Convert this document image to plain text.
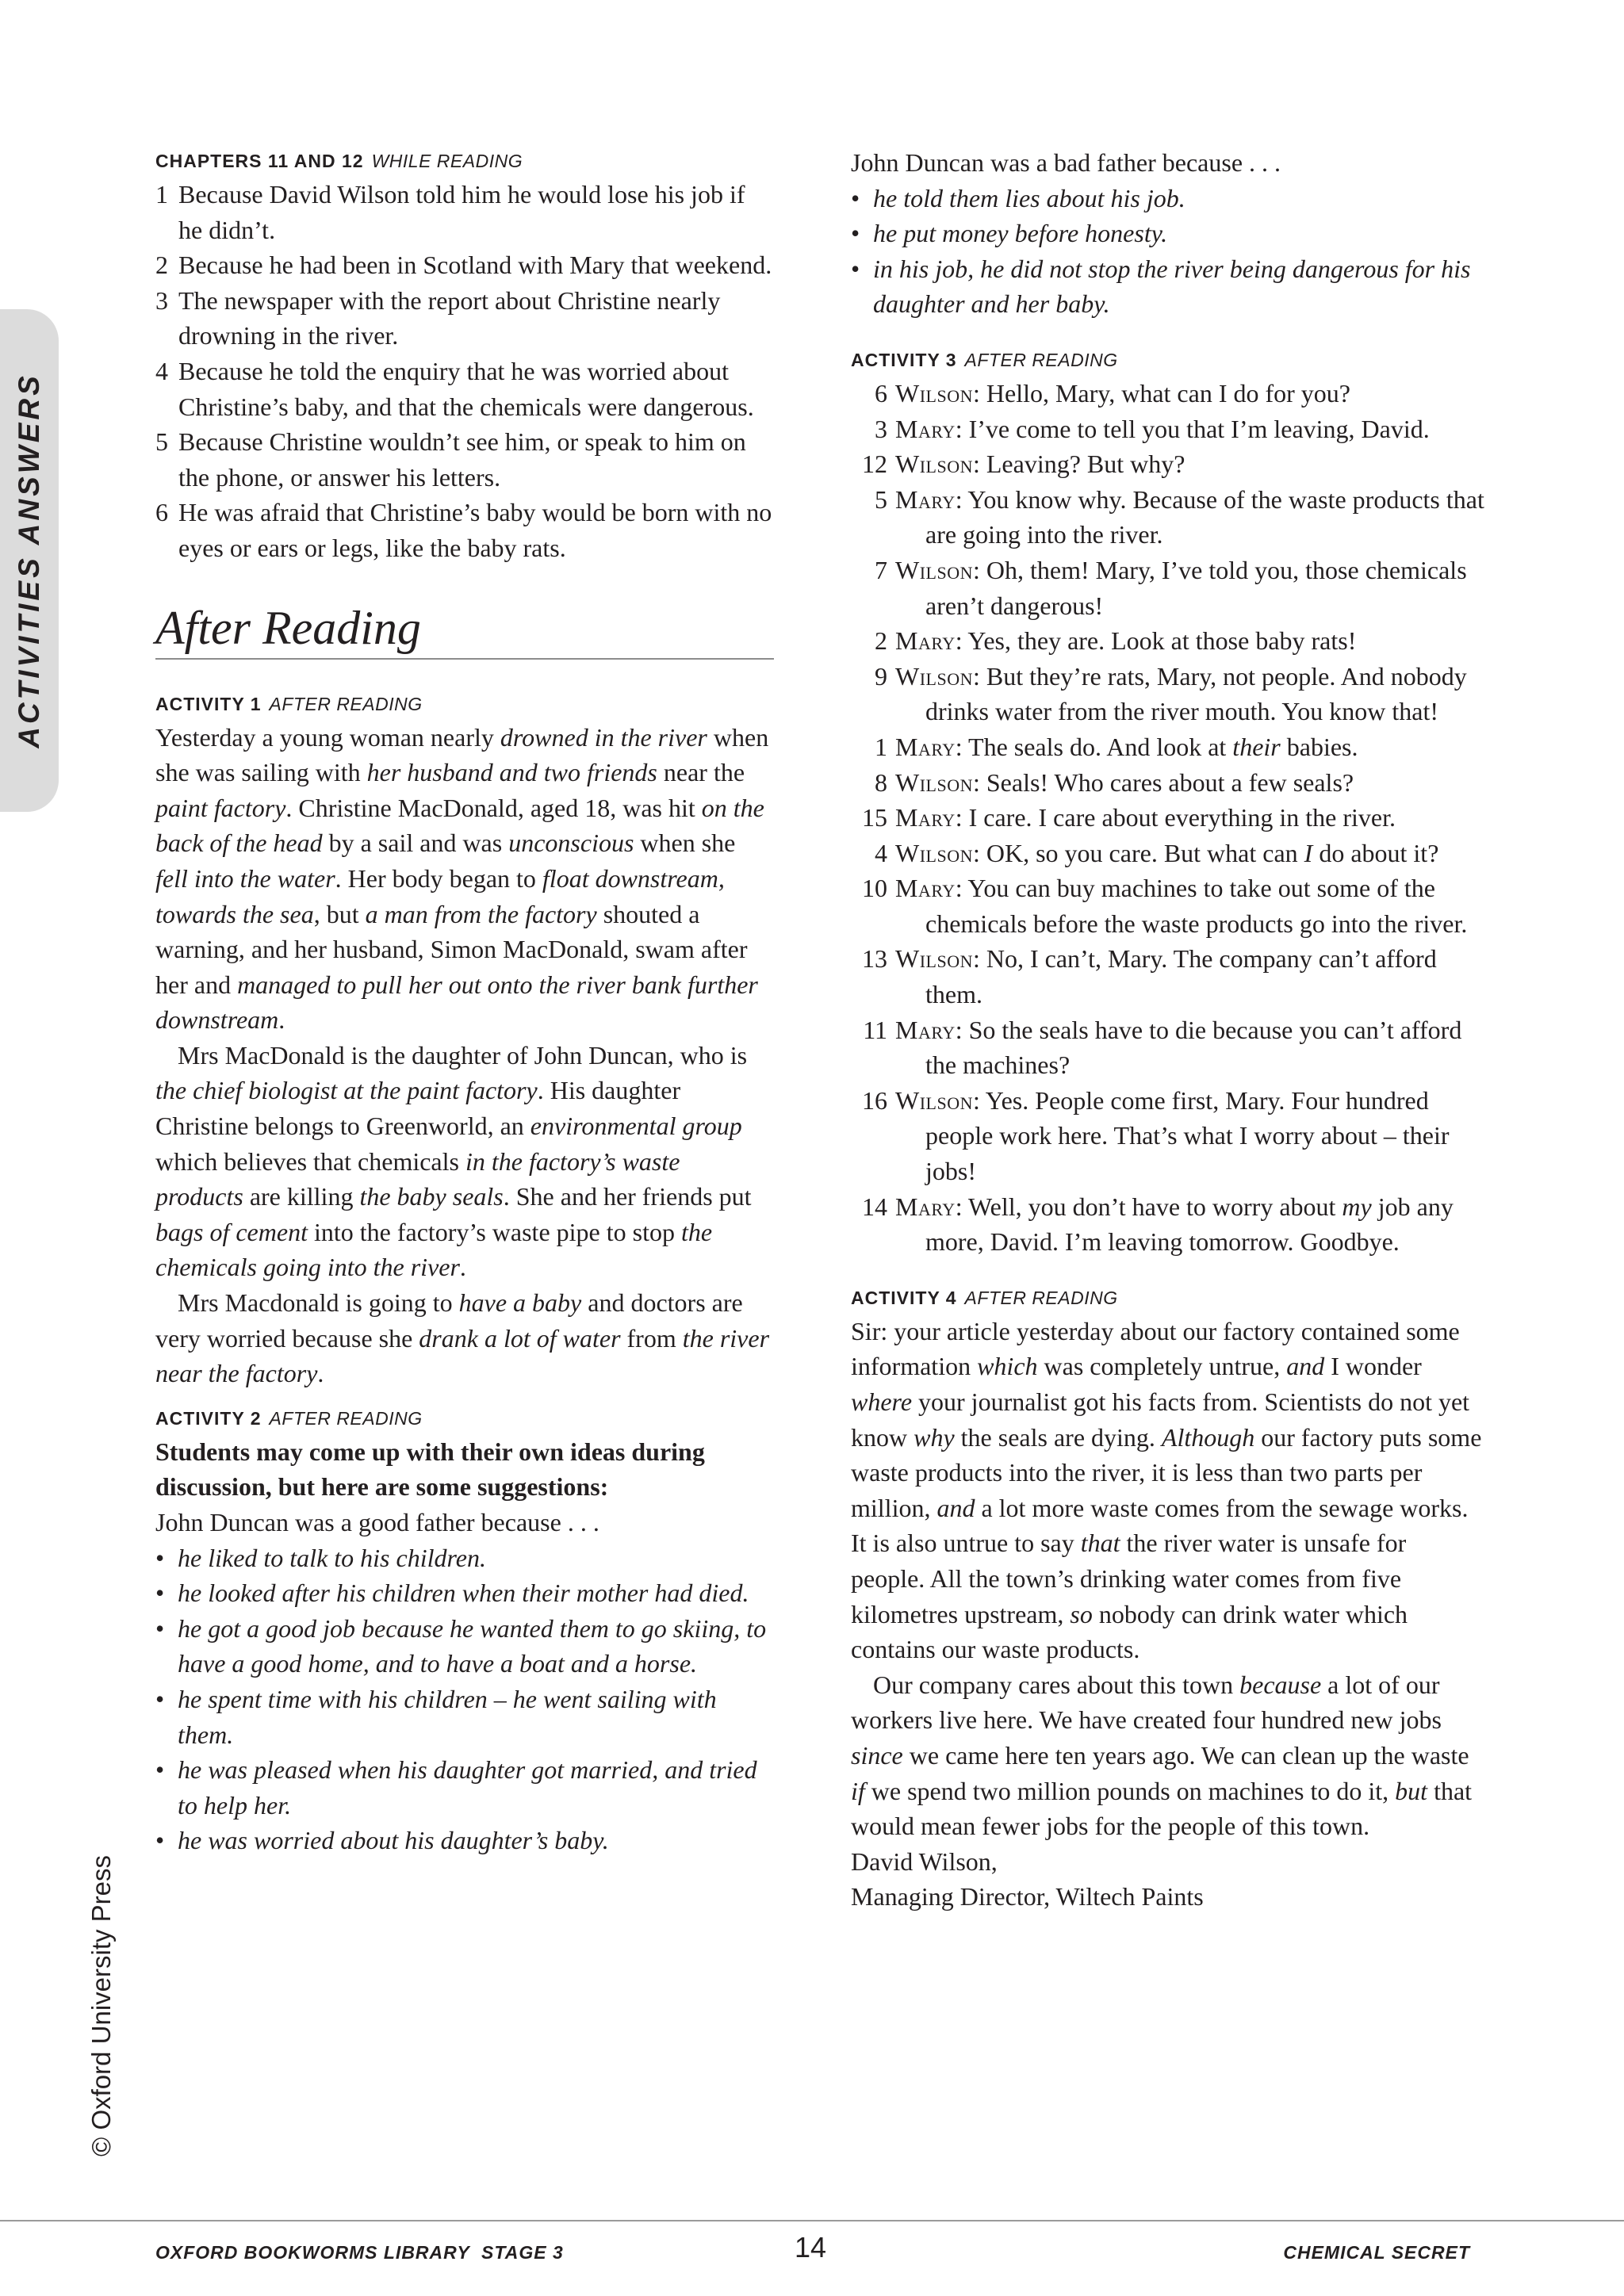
ACTIVITIES ANSWERS
© Oxford University Press
CHAPTERS 11 AND 12 WHILE READING
1 Because David Wilson told him he would lose his job if he didn’t.
2 Because he had been in Scotland with Mary that weekend.
3 The newspaper with the report about Christine nearly drowning in the river.
4 Because he told the enquiry that he was worried about Christine’s baby, and that the chemicals were dangerous.
5 Because Christine wouldn’t see him, or speak to him on the phone, or answer his letters.
6 He was afraid that Christine’s baby would be born with no eyes or ears or legs, like the baby rats.
After Reading
ACTIVITY 1 AFTER READING

Yesterday a young woman nearly drowned in the river when she was sailing with her husband and two friends near the paint factory. Christine MacDonald, aged 18, was hit on the back of the head by a sail and was unconscious when she fell into the water. Her body began to float downstream, towards the sea, but a man from the factory shouted a warning, and her husband, Simon MacDonald, swam after her and managed to pull her out onto the river bank further downstream.

Mrs MacDonald is the daughter of John Duncan, who is the chief biologist at the paint factory. His daughter Christine belongs to Greenworld, an environmental group which believes that chemicals in the factory’s waste products are killing the baby seals. She and her friends put bags of cement into the factory’s waste pipe to stop the chemicals going into the river.

Mrs Macdonald is going to have a baby and doctors are very worried because she drank a lot of water from the river near the factory.

ACTIVITY 2 AFTER READING

Students may come up with their own ideas during discussion, but here are some suggestions:

John Duncan was a good father because . . .

• he liked to talk to his children.
• he looked after his children when their mother had died.
• he got a good job because he wanted them to go skiing, to have a good home, and to have a boat and a horse.
• he spent time with his children – he went sailing with them.
• he was pleased when his daughter got married, and tried to help her.
• he was worried about his daughter’s baby.

John Duncan was a bad father because . . .

• he told them lies about his job.
• he put money before honesty.
• in his job, he did not stop the river being dangerous for his daughter and her baby.
ACTIVITY 3 AFTER READING
6 Wilson: Hello, Mary, what can I do for you?
3 Mary: I’ve come to tell you that I’m leaving, David.
12 Wilson: Leaving? But why?
5 Mary: You know why. Because of the waste products that are going into the river.
7 Wilson: Oh, them! Mary, I’ve told you, those chemicals aren’t dangerous!
2 Mary: Yes, they are. Look at those baby rats!
9 Wilson: But they’re rats, Mary, not people. And nobody drinks water from the river mouth. You know that!
1 Mary: The seals do. And look at their babies.
8 Wilson: Seals! Who cares about a few seals?
15 Mary: I care. I care about everything in the river.
4 Wilson: OK, so you care. But what can I do about it?
10 Mary: You can buy machines to take out some of the chemicals before the waste products go into the river.
13 Wilson: No, I can’t, Mary. The company can’t afford them.
11 Mary: So the seals have to die because you can’t afford the machines?
16 Wilson: Yes. People come first, Mary. Four hundred people work here. That’s what I worry about – their jobs!
14 Mary: Well, you don’t have to worry about my job any more, David. I’m leaving tomorrow. Goodbye.
ACTIVITY 4 AFTER READING

Sir: your article yesterday about our factory contained some information which was completely untrue, and I wonder where your journalist got his facts from. Scientists do not yet know why the seals are dying. Although our factory puts some waste products into the river, it is less than two parts per million, and a lot more waste comes from the sewage works. It is also untrue to say that the river water is unsafe for people. All the town’s drinking water comes from five kilometres upstream, so nobody can drink water which contains our waste products.

Our company cares about this town because a lot of our workers live here. We have created four hundred new jobs since we came here ten years ago. We can clean up the waste if we spend two million pounds on machines to do it, but that would mean fewer jobs for the people of this town.

David Wilson,

Managing Director, Wiltech Paints

OXFORD BOOKWORMS LIBRARY  STAGE 3	14	CHEMICAL SECRET
